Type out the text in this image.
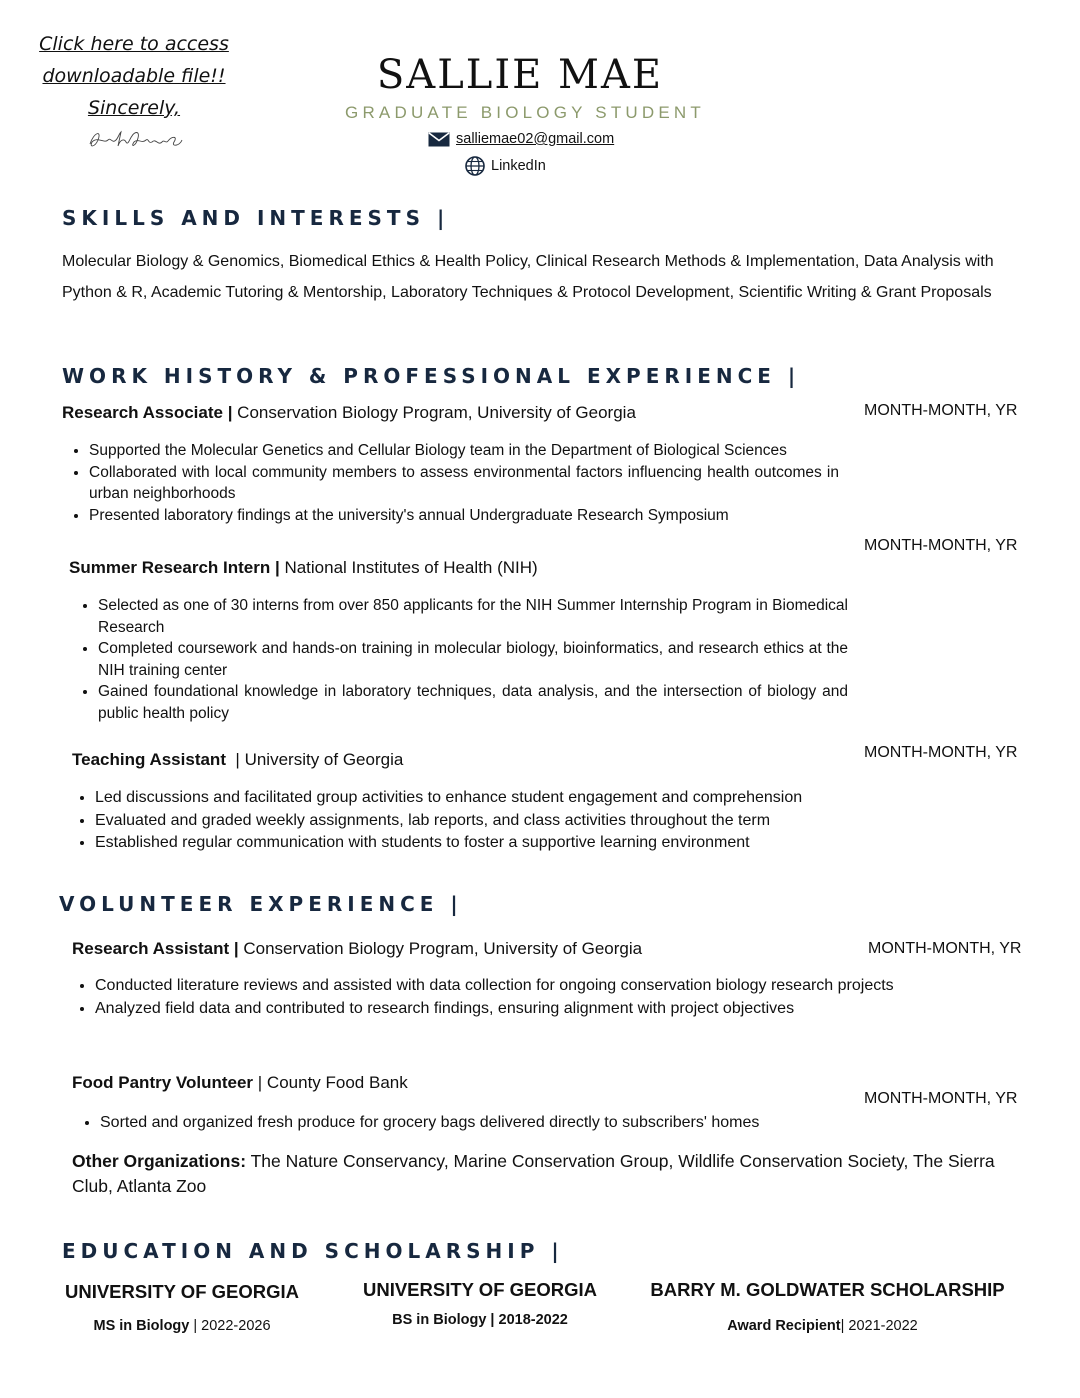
Click here to access
downloadable file!!
Sincerely,
SALLIE MAE
GRADUATE BIOLOGY STUDENT
salliemae02@gmail.com
LinkedIn
SKILLS AND INTERESTS |
Molecular Biology & Genomics, Biomedical Ethics & Health Policy, Clinical Research Methods & Implementation, Data Analysis with Python & R, Academic Tutoring & Mentorship, Laboratory Techniques & Protocol Development, Scientific Writing & Grant Proposals
WORK HISTORY & PROFESSIONAL EXPERIENCE |
Research Associate | Conservation Biology Program, University of Georgia	MONTH-MONTH, YR
• Supported the Molecular Genetics and Cellular Biology team in the Department of Biological Sciences
• Collaborated with local community members to assess environmental factors influencing health outcomes in urban neighborhoods
• Presented laboratory findings at the university's annual Undergraduate Research Symposium
MONTH-MONTH, YR
Summer Research Intern | National Institutes of Health (NIH)
• Selected as one of 30 interns from over 850 applicants for the NIH Summer Internship Program in Biomedical Research
• Completed coursework and hands-on training in molecular biology, bioinformatics, and research ethics at the NIH training center
• Gained foundational knowledge in laboratory techniques, data analysis, and the intersection of biology and public health policy
MONTH-MONTH, YR
Teaching Assistant  | University of Georgia
• Led discussions and facilitated group activities to enhance student engagement and comprehension
• Evaluated and graded weekly assignments, lab reports, and class activities throughout the term
• Established regular communication with students to foster a supportive learning environment
VOLUNTEER EXPERIENCE |
Research Assistant | Conservation Biology Program, University of Georgia	MONTH-MONTH, YR
• Conducted literature reviews and assisted with data collection for ongoing conservation biology research projects
• Analyzed field data and contributed to research findings, ensuring alignment with project objectives
Food Pantry Volunteer | County Food Bank
MONTH-MONTH, YR
• Sorted and organized fresh produce for grocery bags delivered directly to subscribers' homes
Other Organizations: The Nature Conservancy, Marine Conservation Group, Wildlife Conservation Society, The Sierra Club, Atlanta Zoo
EDUCATION AND SCHOLARSHIP |
UNIVERSITY OF GEORGIA
MS in Biology | 2022-2026
UNIVERSITY OF GEORGIA
BS in Biology | 2018-2022
BARRY M. GOLDWATER SCHOLARSHIP
Award Recipient| 2021-2022
